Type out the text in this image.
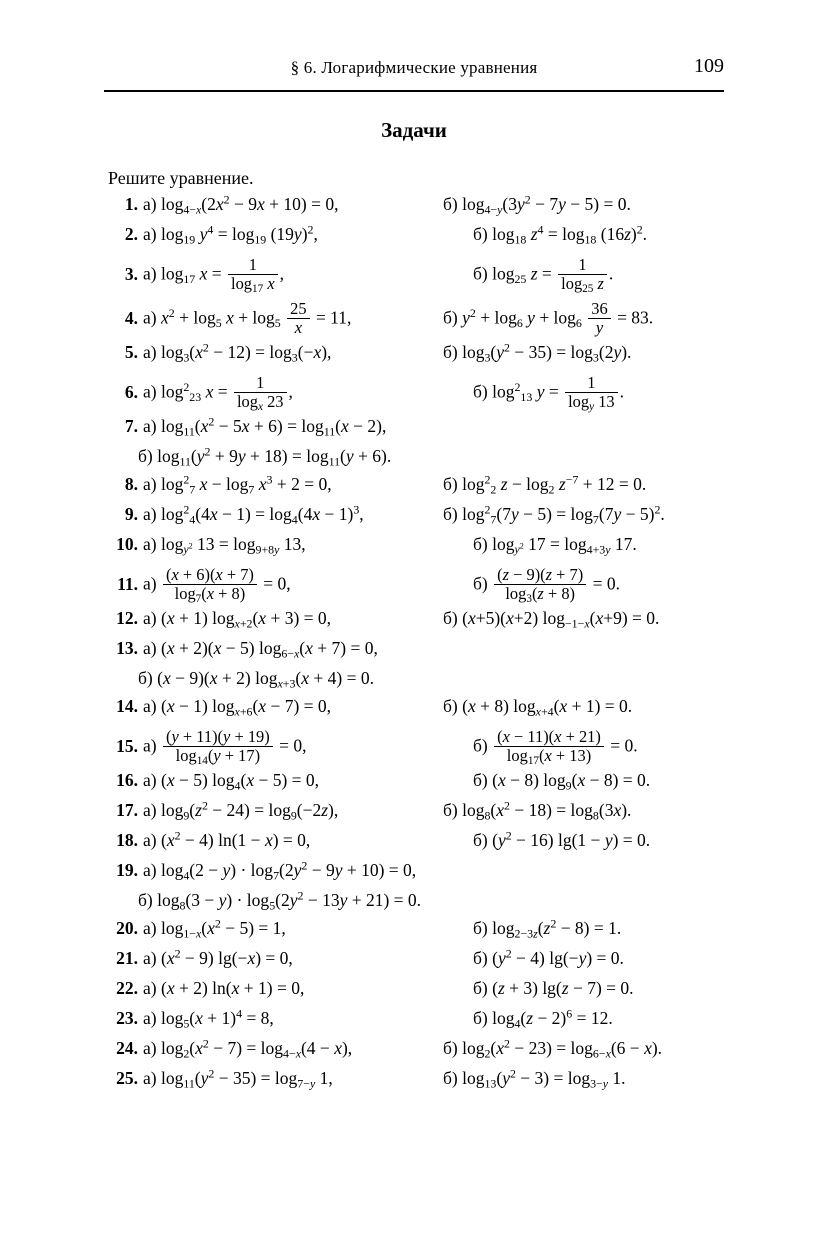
§ 6. Логарифмические уравнения	109
Задачи
Решите уравнение.
1. а) $\log_{4-x}(2x^2 - 9x + 10) = 0$,	б) $\log_{4-y}(3y^2 - 7y - 5) = 0$.
2. а) $\log_{19} y^4 = \log_{19} (19y)^2$,	б) $\log_{18} z^4 = \log_{18} (16z)^2$.
3. а) $\log_{17} x = \frac{1}{\log_{17} x}$ ,	б) $\log_{25} z = \frac{1}{\log_{25} z}$ .
4. а) $x^2 + \log_5 x + \log_5 \frac{25}{x} = 11$,	б) $y^2 + \log_6 y + \log_6 \frac{36}{y} = 83$.
5. а) $\log_3(x^2 - 12) = \log_3(-x)$,	б) $\log_3(y^2 - 35) = \log_3(2y)$.
6. а) $\log^2_{23} x = \frac{1}{\log_x 23}$ ,	б) $\log^2_{13} y = \frac{1}{\log_y 13}$ .
7. а) $\log_{11}(x^2 - 5x + 6) = \log_{11}(x - 2)$,
б) $\log_{11}(y^2 + 9y + 18) = \log_{11}(y + 6)$.
8. а) $\log^2_7 x - \log_7 x^3 + 2 = 0$,	б) $\log^2_2 z - \log_2 z^{-7} + 12 = 0$.
9. а) $\log^2_4(4x - 1) = \log_4(4x - 1)^3$,	б) $\log^2_7(7y - 5) = \log_7(7y - 5)^2$.
10. а) $\log_{y^2} 13 = \log_{9+8y} 13$,	б) $\log_{y^2} 17 = \log_{4+3y} 17$.
11. $а) \frac{(x + 6)(x + 7)}{\log_7(x + 8)} = 0$,	$б) \frac{(z - 9)(z + 7)}{\log_3(z + 8)} = 0$.
12. а) (x + 1) $\log_{x+2}(x + 3) = 0$,	б) (x+5)(x+2) $\log_{-1-x}(x+9) = 0$.
13. а) (x + 2)(x − 5) $\log_{6-x}(x + 7) = 0$,
б) (x − 9)(x + 2) $\log_{x+3}(x + 4) = 0$.
14. а) (x − 1) $\log_{x+6}(x - 7) = 0$,	б) (x + 8) $\log_{x+4}(x + 1) = 0$.
15. $а) \frac{(y + 11)(y + 19)}{\log_{14}(y + 17)} = 0$,	$б) \frac{(x - 11)(x + 21)}{\log_{17}(x + 13)} = 0$.
16. а) (x − 5) $\log_4(x - 5) = 0$,	б) (x − 8) $\log_9(x - 8) = 0$.
17. а) $\log_9(z^2 - 24) = \log_9(-2z)$,	б) $\log_8(x^2 - 18) = \log_8(3x)$.
18. а) $(x^2 - 4) \ln(1 - x) = 0$,	б) $(y^2 - 16) \lg(1 - y) = 0$.
19. а) $\log_4(2 - y) \cdot \log_7(2y^2 - 9y + 10) = 0$,
б) $\log_8(3 - y) \cdot \log_5(2y^2 - 13y + 21) = 0$.
20. а) $\log_{1-x}(x^2 - 5) = 1$,	б) $\log_{2-3z}(z^2 - 8) = 1$.
21. а) $(x^2 - 9) \lg(-x) = 0$,	б) $(y^2 - 4) \lg(-y) = 0$.
22. а) (x + 2) ln(x + 1) = 0,	б) (z + 3) lg(z − 7) = 0.
23. а) $\log_5(x + 1)^4 = 8$,	б) $\log_4(z - 2)^6 = 12$.
24. а) $\log_2(x^2 - 7) = \log_{4-x}(4 - x)$,	б) $\log_2(x^2 - 23) = \log_{6-x}(6 - x)$.
25. а) $\log_{11}(y^2 - 35) = \log_{7-y} 1$,	б) $\log_{13}(y^2 - 3) = \log_{3-y} 1$.
